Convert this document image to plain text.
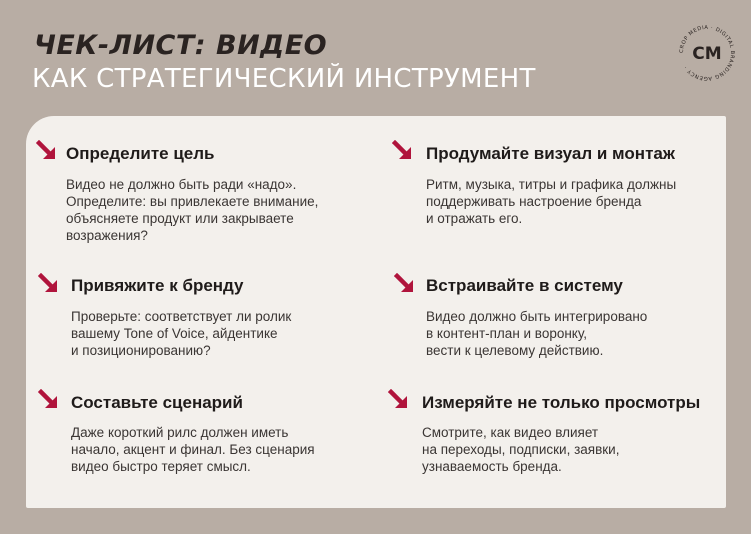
ЧЕК-ЛИСТ: ВИДЕО
КАК СТРАТЕГИЧЕСКИЙ ИНСТРУМЕНТ
CROP MEDIA · DIGITAL BRANDING AGENCY ·
CM
Определите цель
Видео не должно быть ради «надо».
Определите: вы привлекаете внимание,
объясняете продукт или закрываете
возражения?
Продумайте визуал и монтаж
Ритм, музыка, титры и графика должны
поддерживать настроение бренда
и отражать его.
Привяжите к бренду
Проверьте: соответствует ли ролик
вашему Tone of Voice, айдентике
и позиционированию?
Встраивайте в систему
Видео должно быть интегрировано
в контент-план и воронку,
вести к целевому действию.
Составьте сценарий
Даже короткий рилс должен иметь
начало, акцент и финал. Без сценария
видео быстро теряет смысл.
Измеряйте не только просмотры
Смотрите, как видео влияет
на переходы, подписки, заявки,
узнаваемость бренда.
